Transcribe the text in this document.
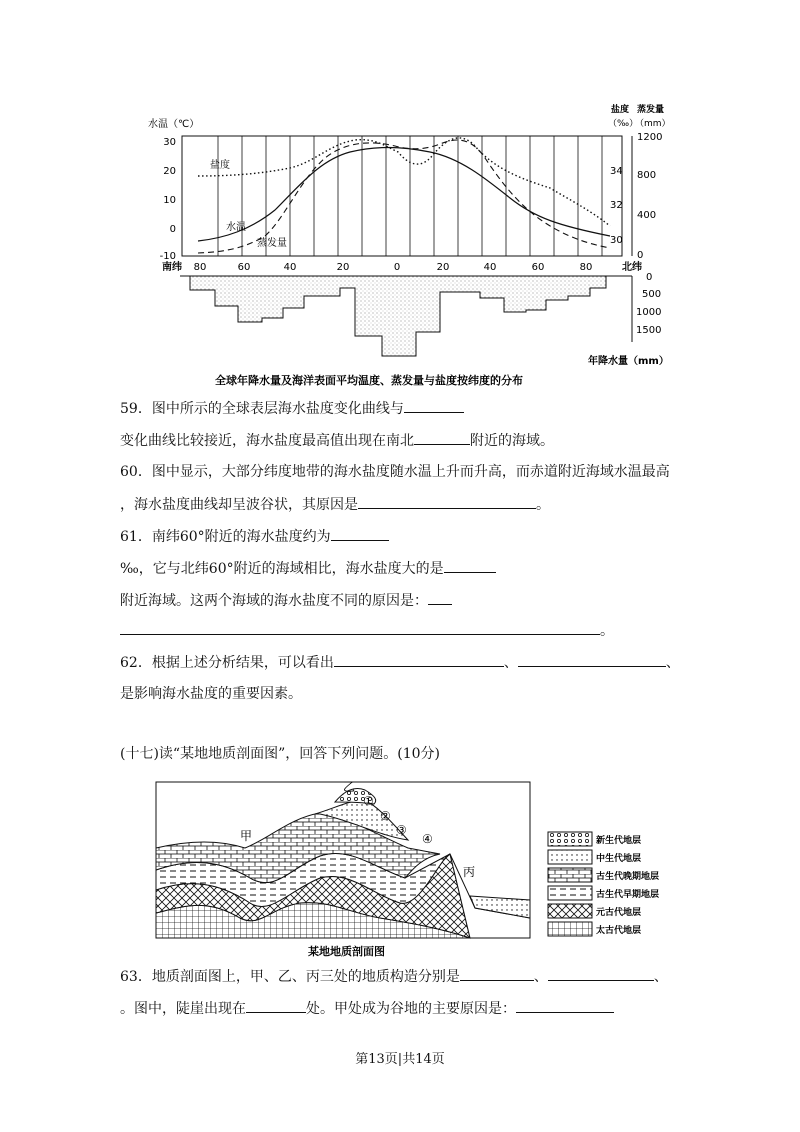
水温（℃）
盐度 蒸发量
（‰）
（mm）
30
20
10
0
-10
34
32
30
1200
800
400
0
盐度
水温
蒸发量
南纬	北纬
80	60	40	20	0	20	40	60	80
0
500
1000
1500
年降水量（mm）
全球年降水量及海洋表面平均温度、蒸发量与盐度按纬度的分布
59．图中所示的全球表层海水盐度变化曲线与
变化曲线比较接近，海水盐度最高值出现在南北	附近的海域。
60．图中显示，大部分纬度地带的海水盐度随水温上升而升高，而赤道附近海域水温最高
，海水盐度曲线却呈波谷状，其原因是	。
61．南纬60°附近的海水盐度约为
‰，它与北纬60°附近的海域相比，海水盐度大的是
附近海域。这两个海域的海水盐度不同的原因是：
。
62．根据上述分析结果，可以看出	、	、
是影响海水盐度的重要因素。
(十七)读“某地地质剖面图”，回答下列问题。(10分)
甲
乙
丙
①
②
③
④
某地地质剖面图
新生代地层
中生代地层
古生代晚期地层
古生代早期地层
元古代地层
太古代地层
63．地质剖面图上，甲、乙、丙三处的地质构造分别是	、	、
。图中，陡崖出现在	处。甲处成为谷地的主要原因是：
第13页|共14页
